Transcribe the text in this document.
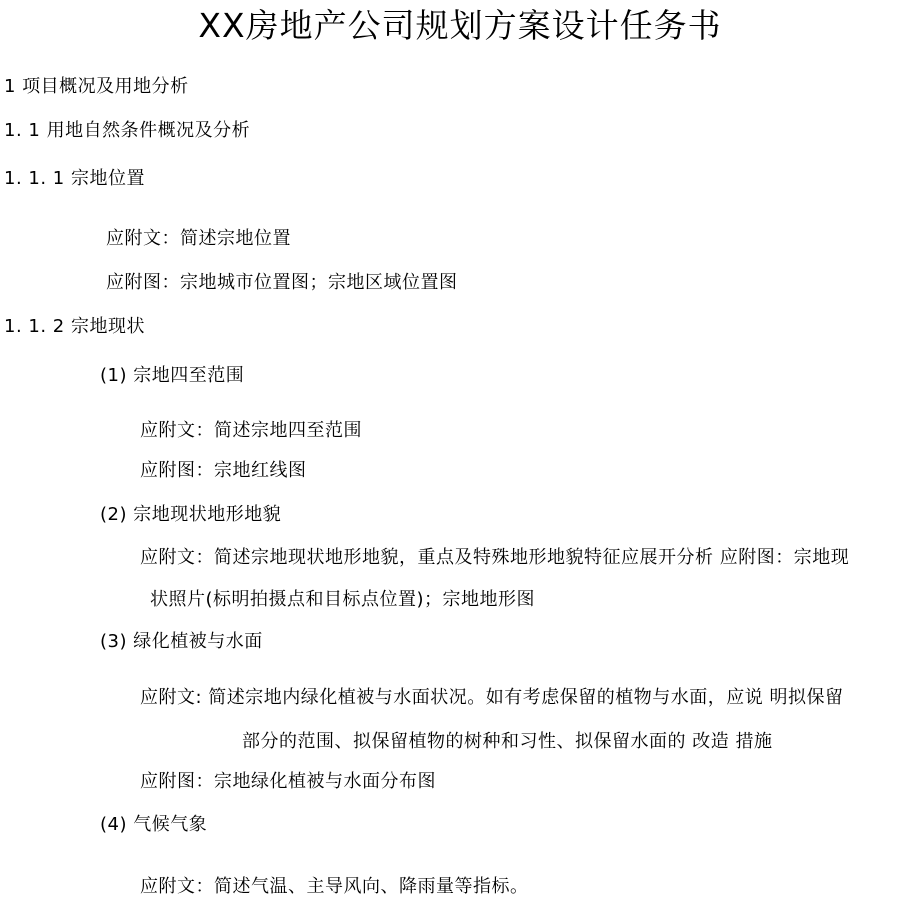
XX房地产公司规划方案设计任务书
1 项目概况及用地分析
1. 1 用地自然条件概况及分析
1. 1. 1 宗地位置
应附文：简述宗地位置
应附图：宗地城市位置图；宗地区域位置图
1. 1. 2 宗地现状
(1) 宗地四至范围
应附文：简述宗地四至范围
应附图：宗地红线图
(2) 宗地现状地形地貌
应附文：简述宗地现状地形地貌，重点及特殊地形地貌特征应展开分析 应附图：宗地现
状照片(标明拍摄点和目标点位置)；宗地地形图
(3) 绿化植被与水面
应附文: 简述宗地内绿化植被与水面状况。如有考虑保留的植物与水面，应说 明拟保留
部分的范围、拟保留植物的树种和习性、拟保留水面的 改造 措施
应附图：宗地绿化植被与水面分布图
(4) 气候气象
应附文：简述气温、主导风向、降雨量等指标。
